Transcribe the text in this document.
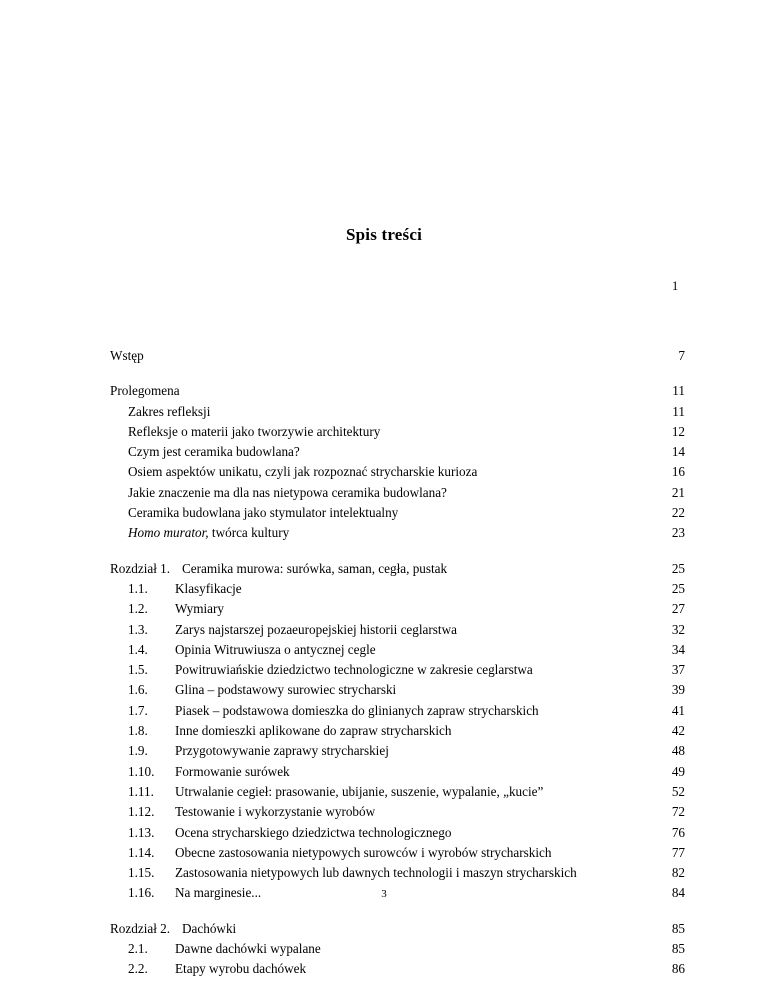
Spis treści
1
Wstęp	7
Prolegomena	11
Zakres refleksji	11
Refleksje o materii jako tworzywie architektury	12
Czym jest ceramika budowlana?	14
Osiem aspektów unikatu, czyli jak rozpoznać strycharskie kurioza	16
Jakie znaczenie ma dla nas nietypowa ceramika budowlana?	21
Ceramika budowlana jako stymulator intelektualny	22
Homo murator, twórca kultury	23
Rozdział 1. Ceramika murowa: surówka, saman, cegła, pustak	25
1.1. Klasyfikacje	25
1.2. Wymiary	27
1.3. Zarys najstarszej pozaeuropejskiej historii ceglarstwa	32
1.4. Opinia Witruwiusza o antycznej cegle	34
1.5. Powitruwiańskie dziedzictwo technologiczne w zakresie ceglarstwa	37
1.6. Glina – podstawowy surowiec strycharski	39
1.7. Piasek – podstawowa domieszka do glinianych zapraw strycharskich	41
1.8. Inne domieszki aplikowane do zapraw strycharskich	42
1.9. Przygotowywanie zaprawy strycharskiej	48
1.10. Formowanie surówek	49
1.11. Utrwalanie cegieł: prasowanie, ubijanie, suszenie, wypalanie, „kucie”	52
1.12. Testowanie i wykorzystanie wyrobów	72
1.13. Ocena strycharskiego dziedzictwa technologicznego	76
1.14. Obecne zastosowania nietypowych surowców i wyrobów strycharskich	77
1.15. Zastosowania nietypowych lub dawnych technologii i maszyn strycharskich	82
1.16. Na marginesie...	84
Rozdział 2. Dachówki	85
2.1. Dawne dachówki wypalane	85
2.2. Etapy wyrobu dachówek	86
3
